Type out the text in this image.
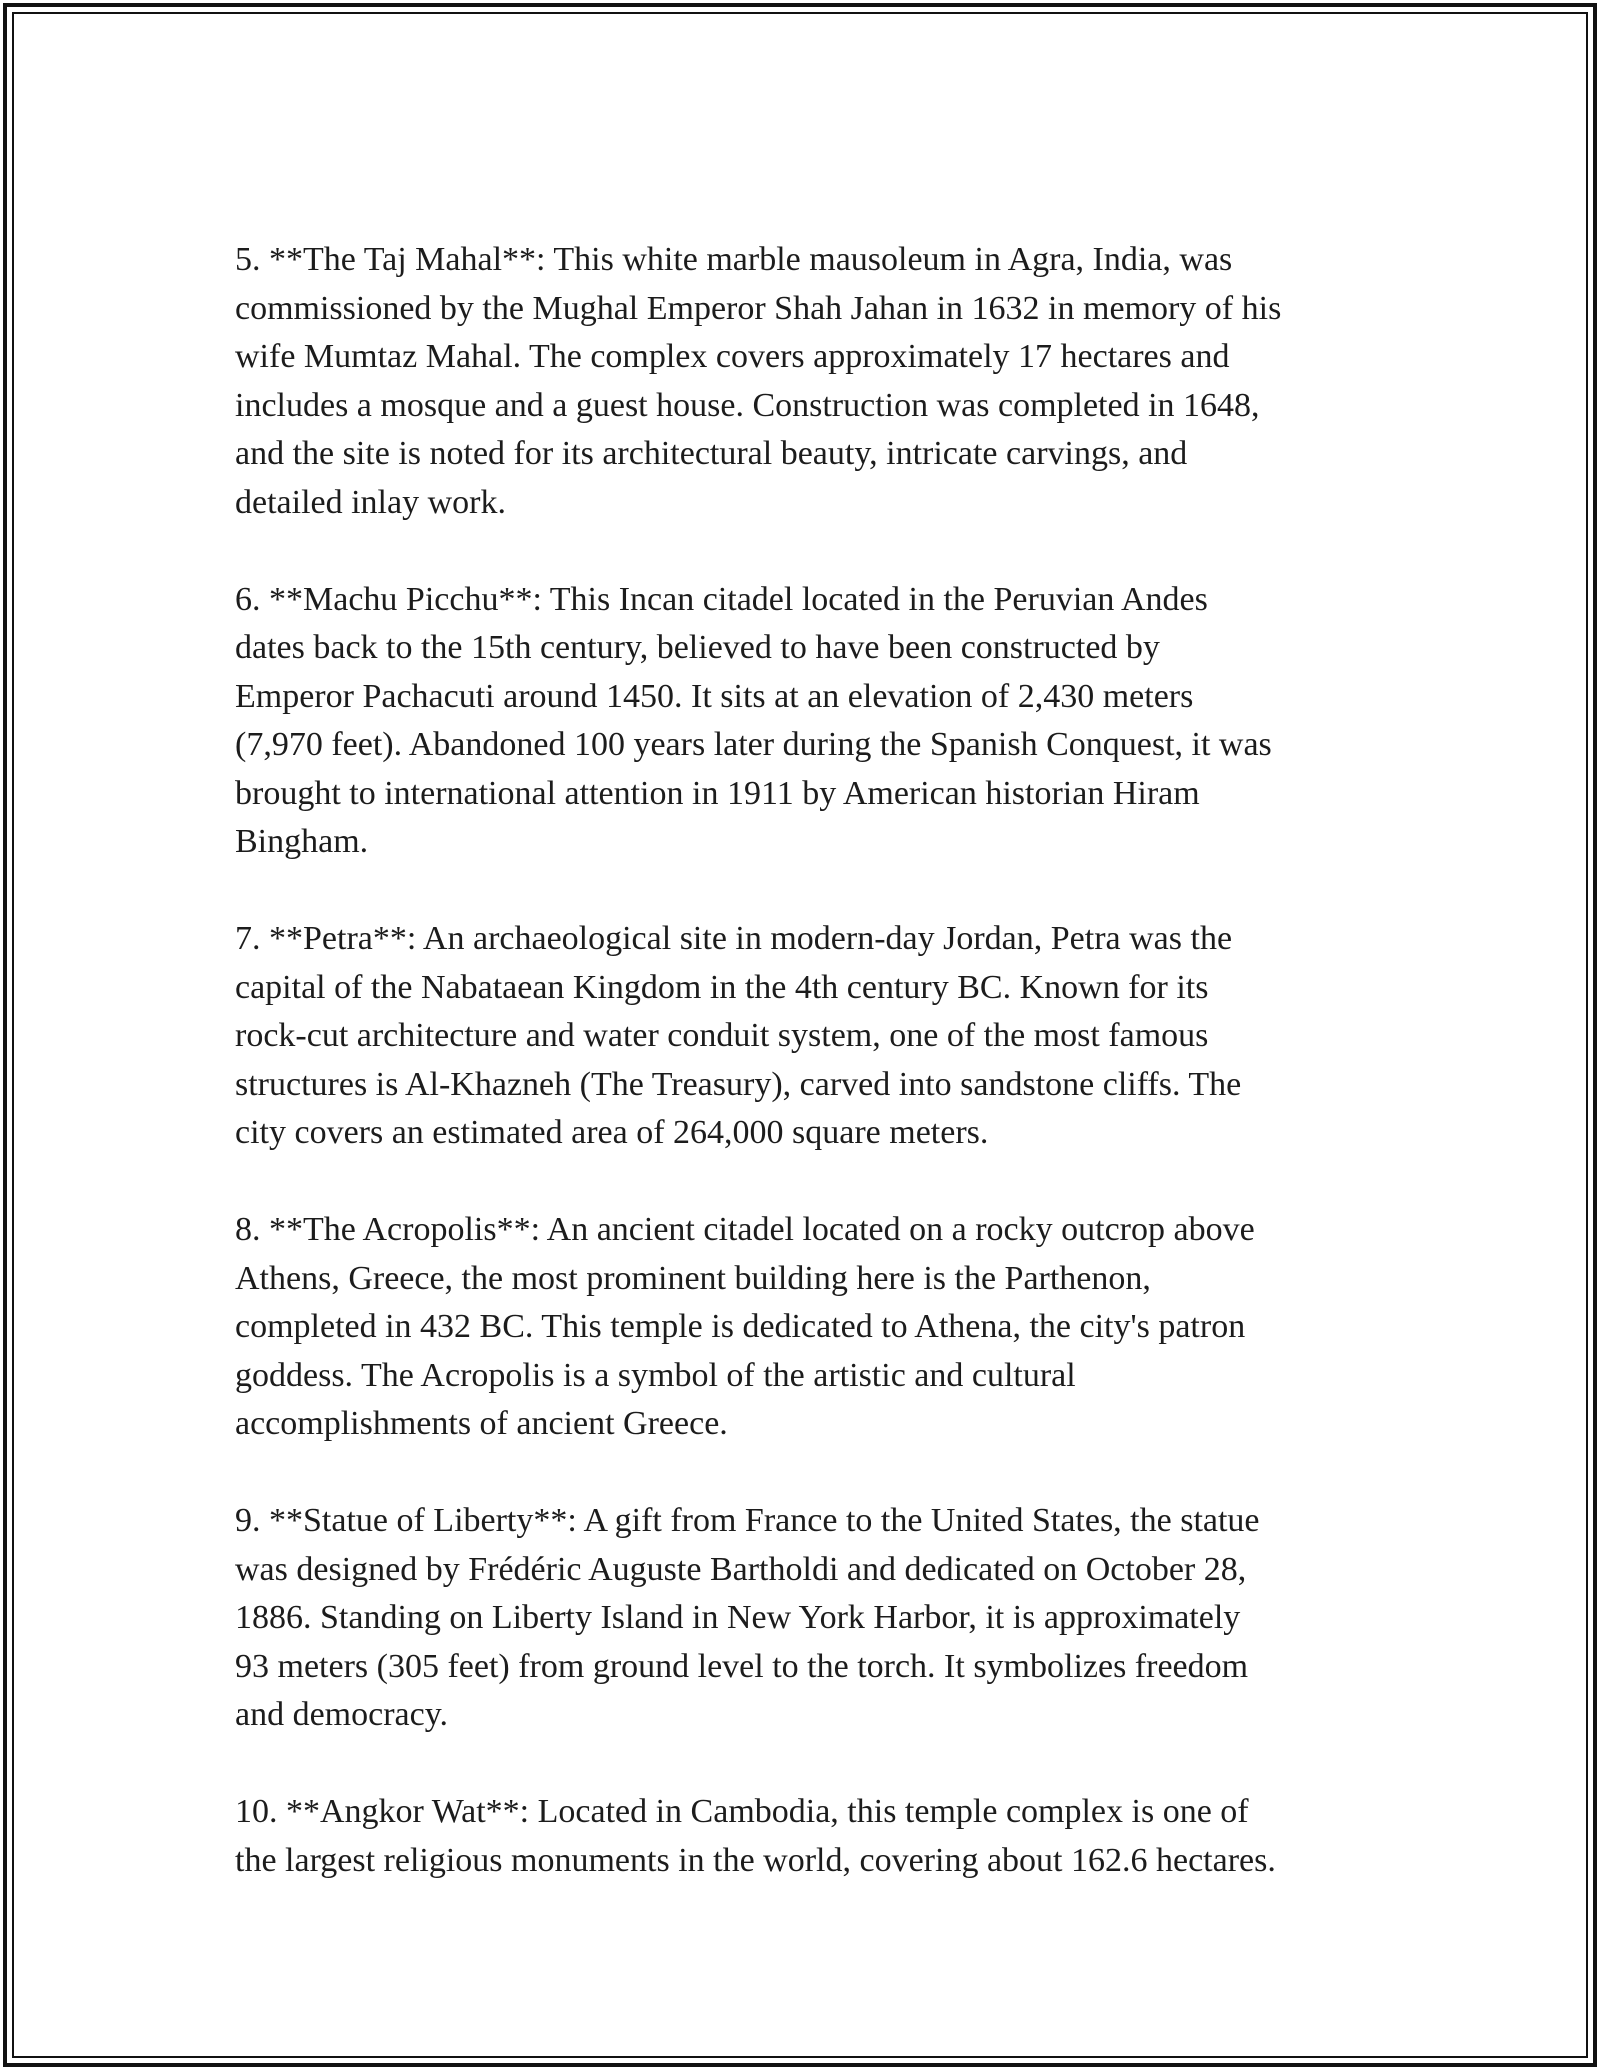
5. **The Taj Mahal**: This white marble mausoleum in Agra, India, was
commissioned by the Mughal Emperor Shah Jahan in 1632 in memory of his
wife Mumtaz Mahal. The complex covers approximately 17 hectares and
includes a mosque and a guest house. Construction was completed in 1648,
and the site is noted for its architectural beauty, intricate carvings, and
detailed inlay work.
6. **Machu Picchu**: This Incan citadel located in the Peruvian Andes
dates back to the 15th century, believed to have been constructed by
Emperor Pachacuti around 1450. It sits at an elevation of 2,430 meters
(7,970 feet). Abandoned 100 years later during the Spanish Conquest, it was
brought to international attention in 1911 by American historian Hiram
Bingham.
7. **Petra**: An archaeological site in modern-day Jordan, Petra was the
capital of the Nabataean Kingdom in the 4th century BC. Known for its
rock-cut architecture and water conduit system, one of the most famous
structures is Al-Khazneh (The Treasury), carved into sandstone cliffs. The
city covers an estimated area of 264,000 square meters.
8. **The Acropolis**: An ancient citadel located on a rocky outcrop above
Athens, Greece, the most prominent building here is the Parthenon,
completed in 432 BC. This temple is dedicated to Athena, the city's patron
goddess. The Acropolis is a symbol of the artistic and cultural
accomplishments of ancient Greece.
9. **Statue of Liberty**: A gift from France to the United States, the statue
was designed by Frédéric Auguste Bartholdi and dedicated on October 28,
1886. Standing on Liberty Island in New York Harbor, it is approximately
93 meters (305 feet) from ground level to the torch. It symbolizes freedom
and democracy.
10. **Angkor Wat**: Located in Cambodia, this temple complex is one of
the largest religious monuments in the world, covering about 162.6 hectares.
